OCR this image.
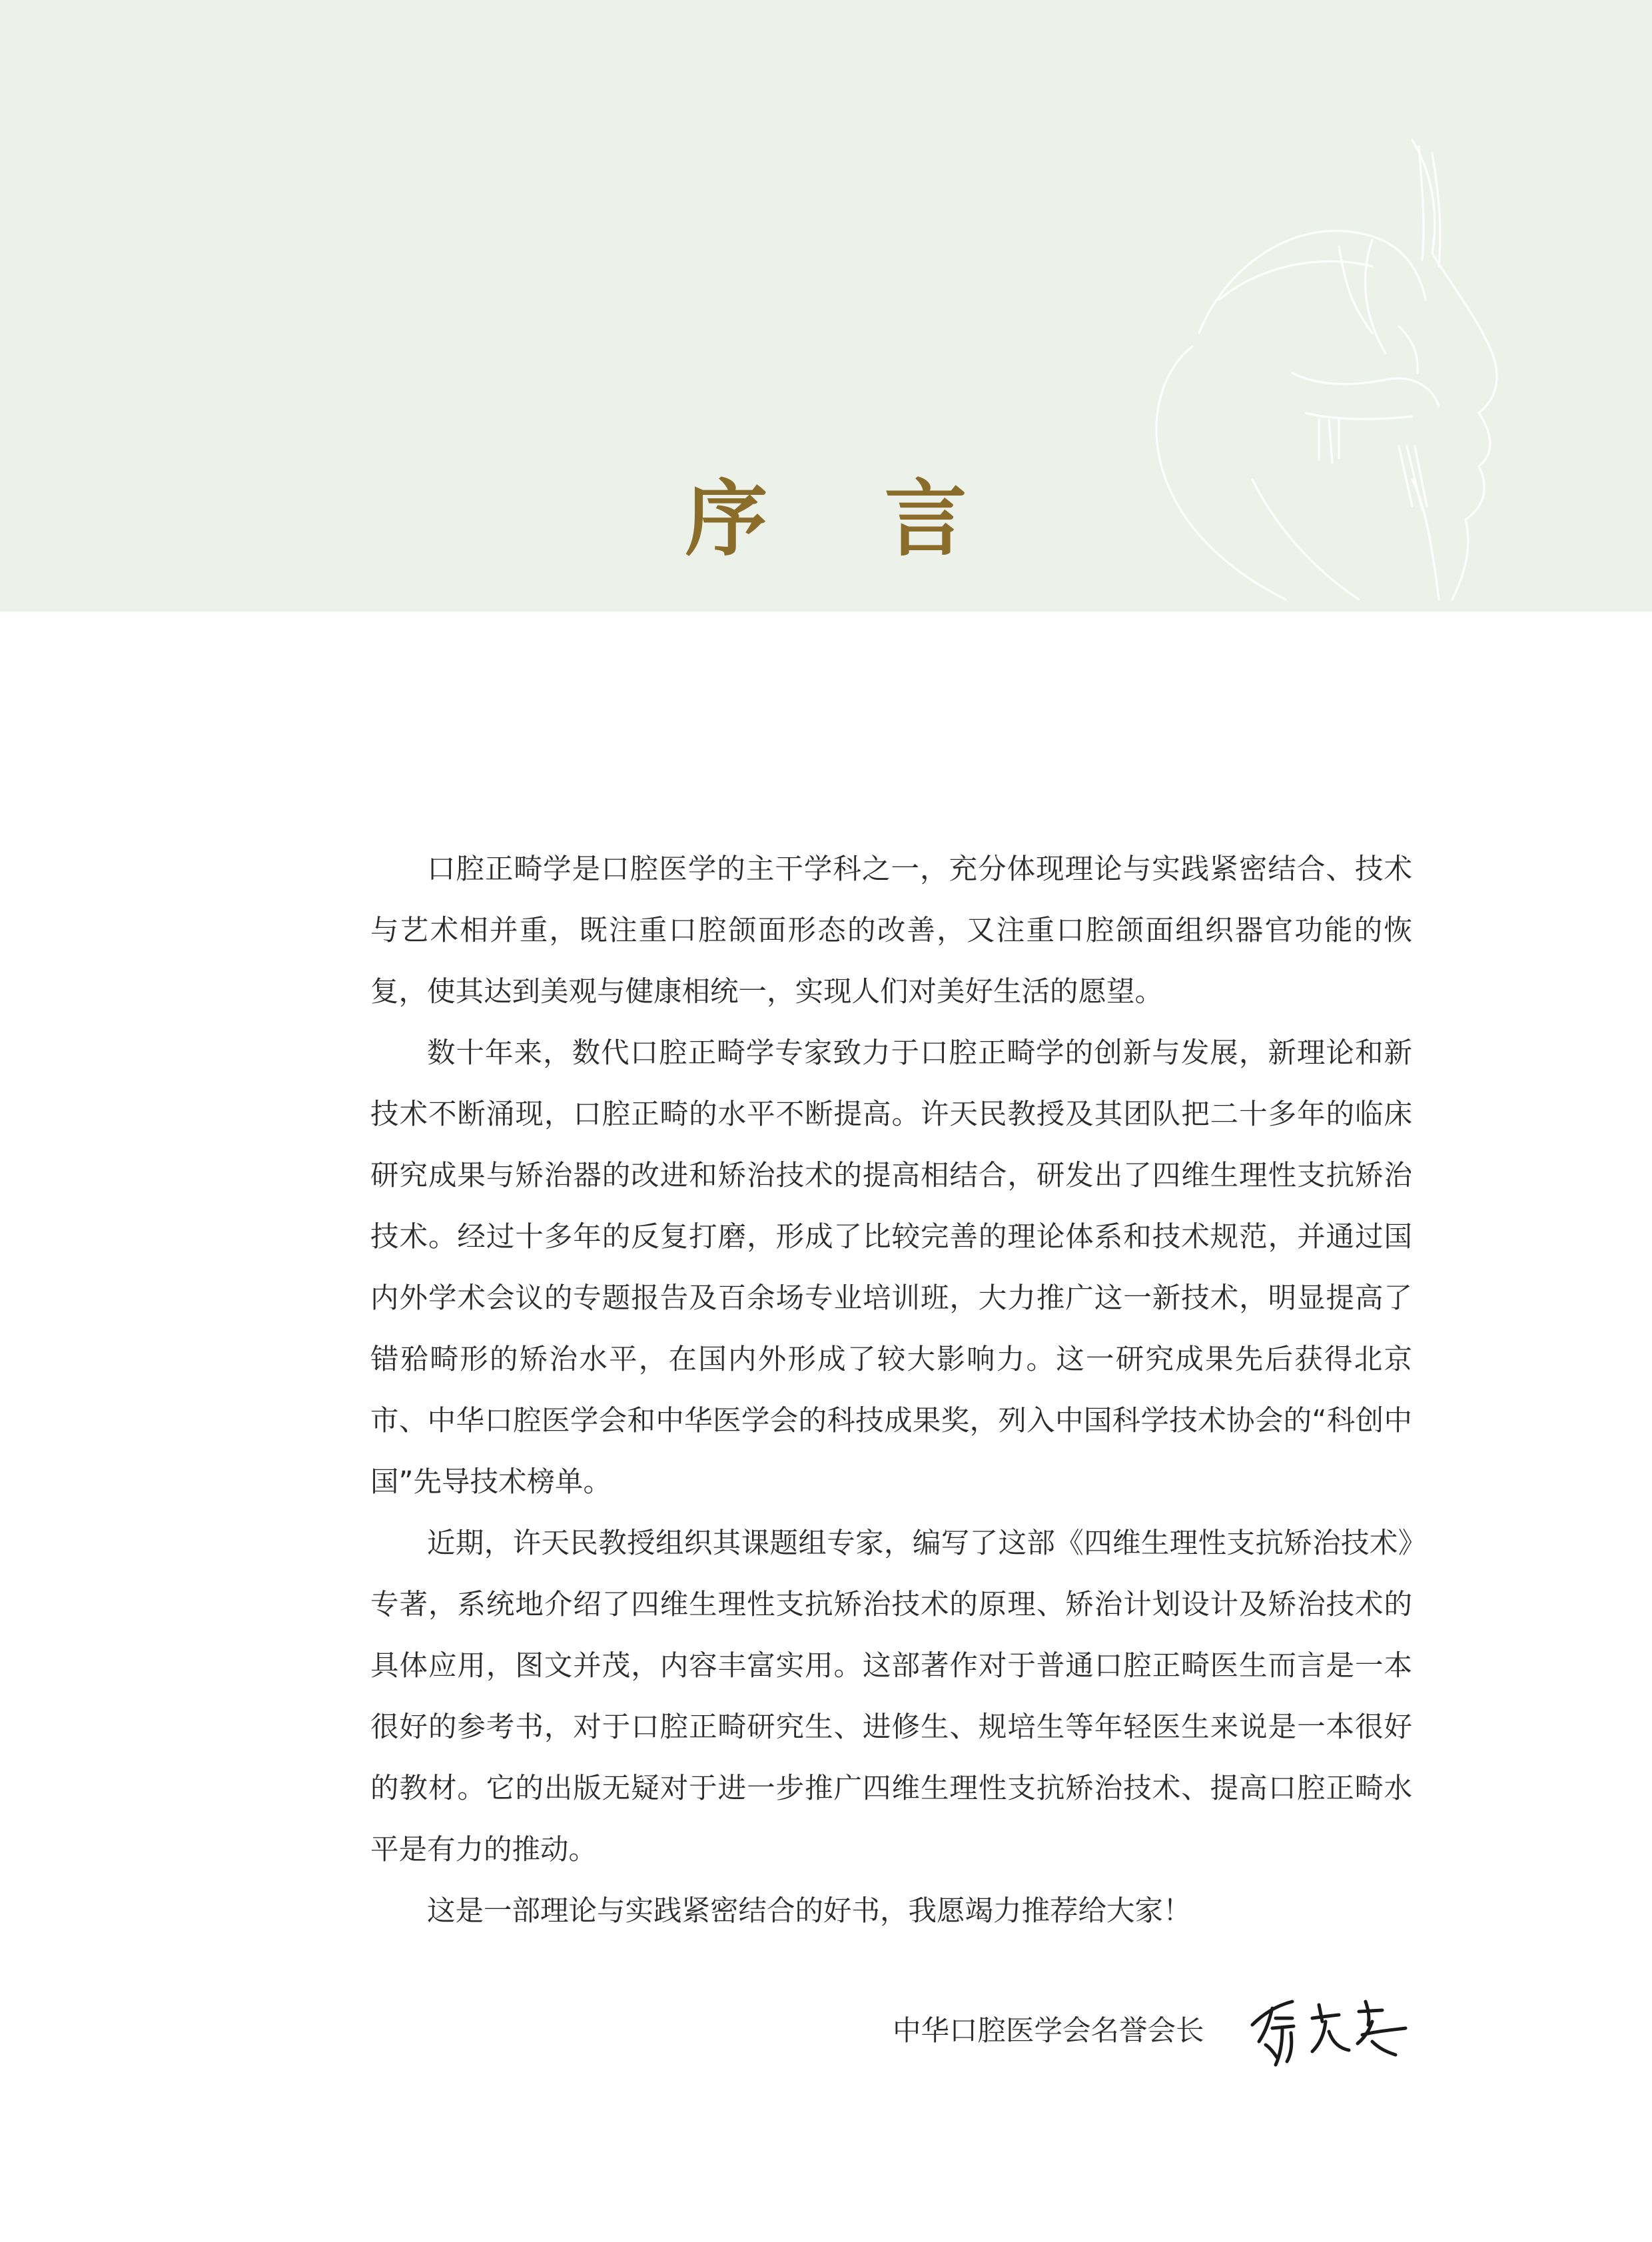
序 言

口腔正畸学是口腔医学的主干学科之一，充分体现理论与实践紧密结合、技术与艺术相并重，既注重口腔颌面形态的改善，又注重口腔颌面组织器官功能的恢复，使其达到美观与健康相统一，实现人们对美好生活的愿望。

数十年来，数代口腔正畸学专家致力于口腔正畸学的创新与发展，新理论和新技术不断涌现，口腔正畸的水平不断提高。许天民教授及其团队把二十多年的临床研究成果与矫治器的改进和矫治技术的提高相结合，研发出了四维生理性支抗矫治技术。经过十多年的反复打磨，形成了比较完善的理论体系和技术规范，并通过国内外学术会议的专题报告及百余场专业培训班，大力推广这一新技术，明显提高了错𬌗畸形的矫治水平，在国内外形成了较大影响力。这一研究成果先后获得北京市、中华口腔医学会和中华医学会的科技成果奖，列入中国科学技术协会的“科创中国”先导技术榜单。

近期，许天民教授组织其课题组专家，编写了这部《四维生理性支抗矫治技术》专著，系统地介绍了四维生理性支抗矫治技术的原理、矫治计划设计及矫治技术的具体应用，图文并茂，内容丰富实用。这部著作对于普通口腔正畸医生而言是一本很好的参考书，对于口腔正畸研究生、进修生、规培生等年轻医生来说是一本很好的教材。它的出版无疑对于进一步推广四维生理性支抗矫治技术、提高口腔正畸水平是有力的推动。

这是一部理论与实践紧密结合的好书，我愿竭力推荐给大家！

中华口腔医学会名誉会长
